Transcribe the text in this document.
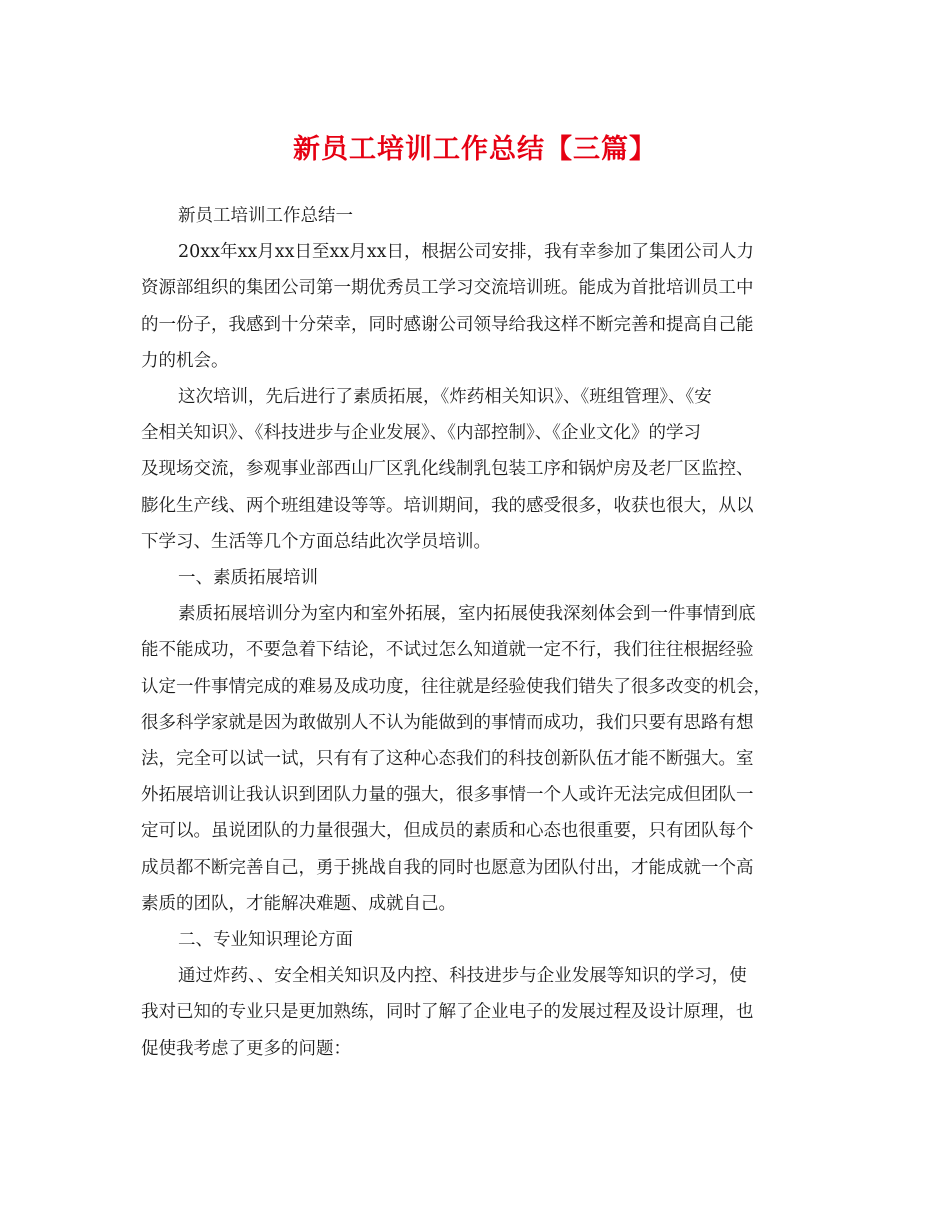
新员工培训工作总结【三篇】
新员工培训工作总结一
20xx年xx月xx日至xx月xx日，根据公司安排，我有幸参加了集团公司人力
资源部组织的集团公司第一期优秀员工学习交流培训班。能成为首批培训员工中
的一份子，我感到十分荣幸，同时感谢公司领导给我这样不断完善和提高自己能
力的机会。
这次培训，先后进行了素质拓展，《炸药相关知识》、《班组管理》、《安
全相关知识》、《科技进步与企业发展》、《内部控制》、《企业文化》的学习
及现场交流，参观事业部西山厂区乳化线制乳包装工序和锅炉房及老厂区监控、
膨化生产线、两个班组建设等等。培训期间，我的感受很多，收获也很大，从以
下学习、生活等几个方面总结此次学员培训。
一、素质拓展培训
素质拓展培训分为室内和室外拓展，室内拓展使我深刻体会到一件事情到底
能不能成功，不要急着下结论，不试过怎么知道就一定不行，我们往往根据经验
认定一件事情完成的难易及成功度，往往就是经验使我们错失了很多改变的机会，
很多科学家就是因为敢做别人不认为能做到的事情而成功，我们只要有思路有想
法，完全可以试一试，只有有了这种心态我们的科技创新队伍才能不断强大。室
外拓展培训让我认识到团队力量的强大，很多事情一个人或许无法完成但团队一
定可以。虽说团队的力量很强大，但成员的素质和心态也很重要，只有团队每个
成员都不断完善自己，勇于挑战自我的同时也愿意为团队付出，才能成就一个高
素质的团队，才能解决难题、成就自己。
二、专业知识理论方面
通过炸药、、安全相关知识及内控、科技进步与企业发展等知识的学习，使
我对已知的专业只是更加熟练，同时了解了企业电子的发展过程及设计原理，也
促使我考虑了更多的问题：
